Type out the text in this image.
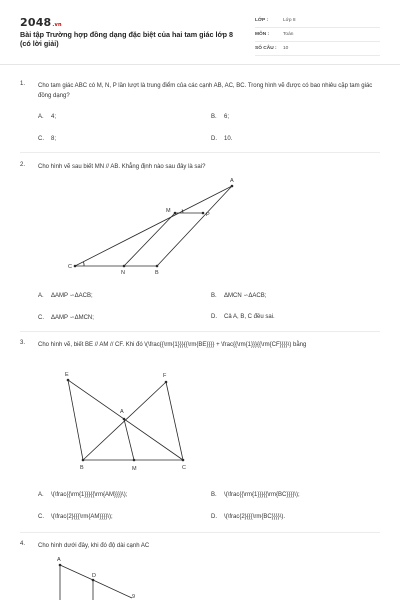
2048.vn
Bài tập Trường hợp đồng dạng đặc biệt của hai tam giác lớp 8 (có lời giải)
LỚP :	Lớp 8
MÔN :	Toán
SỐ CÂU : 10
1. Cho tam giác ABC có M, N, P lần lượt là trung điểm của các cạnh AB, AC, BC. Trong hình vẽ được có bao nhiêu cặp tam giác đồng dạng?
A. 4;	B. 6;
C. 8;	D. 10.
2. Cho hình vẽ sau biết MN // AB. Khẳng định nào sau đây là sai?
A
M
P
C
N	B
A. ΔAMP ∽ΔACB;	B. ΔMCN ∽ΔACB;
C. ΔAMP ∽ΔMCN;	D. Cả A, B, C đều sai.
3. Cho hình vẽ, biết BE // AM // CF. Khi đó \(\frac{{\rm{1}}}{{\rm{BE}}}} + \frac{{\rm{1}}}{{\rm{CF}}}}\) bằng
E	F
A
B	M	C
A. \(\frac{{\rm{1}}}{{\rm{AM}}}}\);	B. \(\frac{{\rm{1}}}{{\rm{BC}}}}\);
C. \(\frac{2}{{{\rm{AM}}}}\);	D. \(\frac{2}{{{\rm{BC}}}}\).
4. Cho hình dưới đây, khi đó độ dài cạnh AC
A
D
9
